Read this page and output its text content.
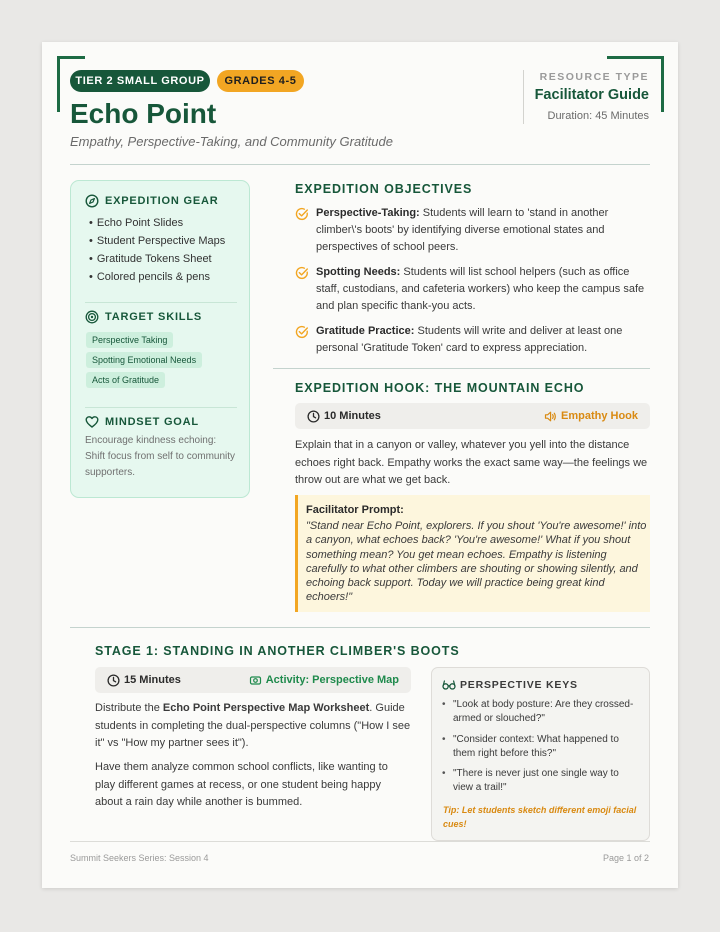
TIER 2 SMALL GROUP	GRADES 4-5
Echo Point
Empathy, Perspective-Taking, and Community Gratitude
RESOURCE TYPE
Facilitator Guide
Duration: 45 Minutes
EXPEDITION GEAR
• Echo Point Slides
• Student Perspective Maps
• Gratitude Tokens Sheet
• Colored pencils & pens
TARGET SKILLS
Perspective Taking
Spotting Emotional Needs
Acts of Gratitude
MINDSET GOAL
Encourage kindness echoing: Shift focus from self to community supporters.
EXPEDITION OBJECTIVES
Perspective-Taking: Students will learn to 'stand in another climber\'s boots' by identifying diverse emotional states and perspectives of school peers.
Spotting Needs: Students will list school helpers (such as office staff, custodians, and cafeteria workers) who keep the campus safe and plan specific thank-you acts.
Gratitude Practice: Students will write and deliver at least one personal 'Gratitude Token' card to express appreciation.
EXPEDITION HOOK: THE MOUNTAIN ECHO
10 Minutes	Empathy Hook
Explain that in a canyon or valley, whatever you yell into the distance echoes right back. Empathy works the exact same way—the feelings we throw out are what we get back.
Facilitator Prompt:
"Stand near Echo Point, explorers. If you shout 'You're awesome!' into a canyon, what echoes back? 'You're awesome!' What if you shout something mean? You get mean echoes. Empathy is listening carefully to what other climbers are shouting or showing silently, and echoing back support. Today we will practice being great kind echoers!"
STAGE 1: STANDING IN ANOTHER CLIMBER'S BOOTS
15 Minutes	Activity: Perspective Map
Distribute the Echo Point Perspective Map Worksheet. Guide students in completing the dual-perspective columns ("How I see it" vs "How my partner sees it").
Have them analyze common school conflicts, like wanting to play different games at recess, or one student being happy about a rain day while another is bummed.
PERSPECTIVE KEYS
• "Look at body posture: Are they crossed-armed or slouched?"
• "Consider context: What happened to them right before this?"
• "There is never just one single way to view a trail!"
Tip: Let students sketch different emoji facial cues!
Summit Seekers Series: Session 4	Page 1 of 2
